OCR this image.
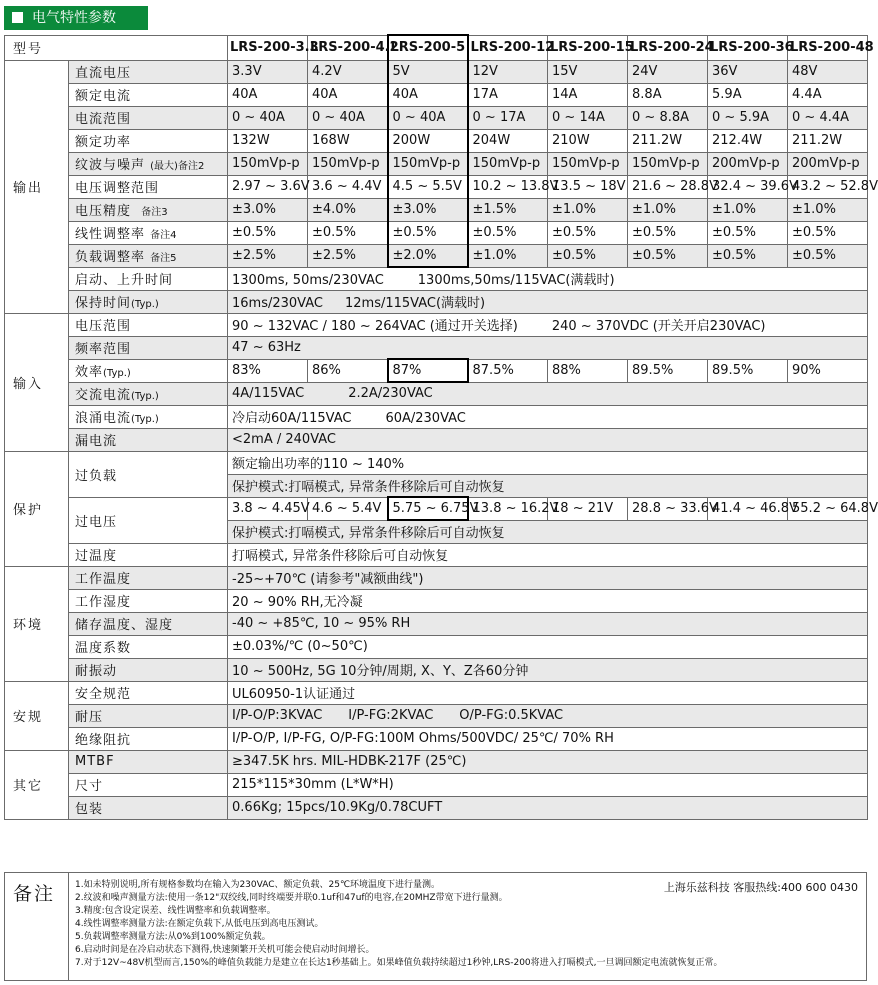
电气特性参数
型号		LRS-200-3.3	LRS-200-4.2	LRS-200-5	LRS-200-12	LRS-200-15	LRS-200-24	LRS-200-36	LRS-200-48
输出	直流电压	3.3V	4.2V	5V	12V	15V	24V	36V	48V
	额定电流	40A	40A	40A	17A	14A	8.8A	5.9A	4.4A
	电流范围	0 ~ 40A	0 ~ 40A	0 ~ 40A	0 ~ 17A	0 ~ 14A	0 ~ 8.8A	0 ~ 5.9A	0 ~ 4.4A
	额定功率	132W	168W	200W	204W	210W	211.2W	212.4W	211.2W
	纹波与噪声 (最大)备注2	150mVp-p	150mVp-p	150mVp-p	150mVp-p	150mVp-p	150mVp-p	200mVp-p	200mVp-p
	电压调整范围	2.97 ~ 3.6V	3.6 ~ 4.4V	4.5 ~ 5.5V	10.2 ~ 13.8V	13.5 ~ 18V	21.6 ~ 28.8V	32.4 ~ 39.6V	43.2 ~ 52.8V
	电压精度 备注3	±3.0%	±4.0%	±3.0%	±1.5%	±1.0%	±1.0%	±1.0%	±1.0%
	线性调整率 备注4	±0.5%	±0.5%	±0.5%	±0.5%	±0.5%	±0.5%	±0.5%	±0.5%
	负载调整率 备注5	±2.5%	±2.5%	±2.0%	±1.0%	±0.5%	±0.5%	±0.5%	±0.5%
	启动、上升时间	1300ms, 50ms/230VAC 1300ms,50ms/115VAC(满载时)							
	保持时间(Typ.)	16ms/230VAC 12ms/115VAC(满载时)							
输入	电压范围	90 ~ 132VAC / 180 ~ 264VAC (通过开关选择) 240 ~ 370VDC (开关开启230VAC)							
	频率范围	47 ~ 63Hz							
	效率(Typ.)	83%	86%	87%	87.5%	88%	89.5%	89.5%	90%
	交流电流(Typ.)	4A/115VAC 2.2A/230VAC							
	浪涌电流(Typ.)	冷启动60A/115VAC 60A/230VAC							
	漏电流	<2mA / 240VAC							
保护	过负载	额定输出功率的110 ~ 140%							
		保护模式:打嗝模式, 异常条件移除后可自动恢复							
	过电压	3.8 ~ 4.45V	4.6 ~ 5.4V	5.75 ~ 6.75V	13.8 ~ 16.2V	18 ~ 21V	28.8 ~ 33.6V	41.4 ~ 46.8V	55.2 ~ 64.8V
		保护模式:打嗝模式, 异常条件移除后可自动恢复							
	过温度	打嗝模式, 异常条件移除后可自动恢复							
环境	工作温度	-25~+70℃ (请参考"减额曲线")							
	工作湿度	20 ~ 90% RH,无冷凝							
	储存温度、湿度	-40 ~ +85℃, 10 ~ 95% RH							
	温度系数	±0.03%/℃ (0~50℃)							
	耐振动	10 ~ 500Hz, 5G 10分钟/周期, X、Y、Z各60分钟							
安规	安全规范	UL60950-1认证通过							
	耐压	I/P-O/P:3KVAC I/P-FG:2KVAC O/P-FG:0.5KVAC							
	绝缘阻抗	I/P-O/P, I/P-FG, O/P-FG:100M Ohms/500VDC/ 25℃/ 70% RH							
其它	MTBF	≥347.5K hrs. MIL-HDBK-217F (25℃)							
	尺寸	215*115*30mm (L*W*H)							
	包装	0.66Kg; 15pcs/10.9Kg/0.78CUFT							
备注	上海乐兹科技 客服热线:400 600 0430
1.如未特别说明,所有规格参数均在输入为230VAC、额定负载、25℃环境温度下进行量测。
2.纹波和噪声测量方法:使用一条12"双绞线,同时终端要并联0.1uf和47uf的电容,在20MHZ带宽下进行量测。
3.精度:包含设定误差、线性调整率和负载调整率。
4.线性调整率测量方法:在额定负载下,从低电压到高电压测试。
5.负载调整率测量方法:从0%到100%额定负载。
6.启动时间是在冷启动状态下测得,快速频繁开关机可能会使启动时间增长。
7.对于12V~48V机型而言,150%的峰值负载能力是建立在长达1秒基础上。如果峰值负载持续超过1秒钟,LRS-200将进入打嗝模式,一旦调回额定电流就恢复正常。
